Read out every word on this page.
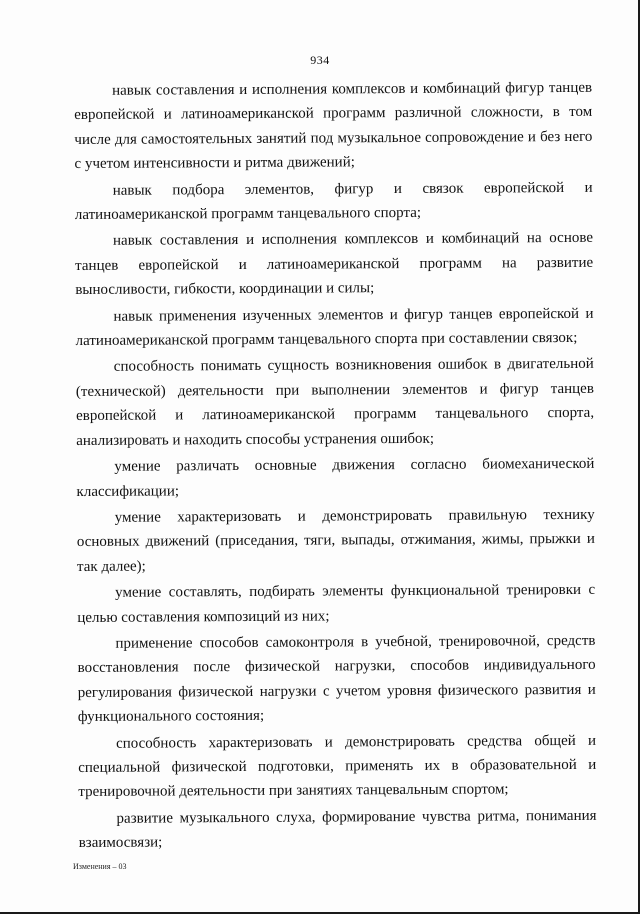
934

навык составления и исполнения комплексов и комбинаций фигур танцев европейской и латиноамериканской программ различной сложности, в том числе для самостоятельных занятий под музыкальное сопровождение и без него с учетом интенсивности и ритма движений;

навык подбора элементов, фигур и связок европейской и латиноамериканской программ танцевального спорта;

навык составления и исполнения комплексов и комбинаций на основе танцев европейской и латиноамериканской программ на развитие выносливости, гибкости, координации и силы;

навык применения изученных элементов и фигур танцев европейской и латиноамериканской программ танцевального спорта при составлении связок;

способность понимать сущность возникновения ошибок в двигательной (технической) деятельности при выполнении элементов и фигур танцев европейской и латиноамериканской программ танцевального спорта, анализировать и находить способы устранения ошибок;

умение различать основные движения согласно биомеханической классификации;

умение характеризовать и демонстрировать правильную технику основных движений (приседания, тяги, выпады, отжимания, жимы, прыжки и так далее);

умение составлять, подбирать элементы функциональной тренировки с целью составления композиций из них;

применение способов самоконтроля в учебной, тренировочной, средств восстановления после физической нагрузки, способов индивидуального регулирования физической нагрузки с учетом уровня физического развития и функционального состояния;

способность характеризовать и демонстрировать средства общей и специальной физической подготовки, применять их в образовательной и тренировочной деятельности при занятиях танцевальным спортом;

развитие музыкального слуха, формирование чувства ритма, понимания взаимосвязи;

Изменения – 03
